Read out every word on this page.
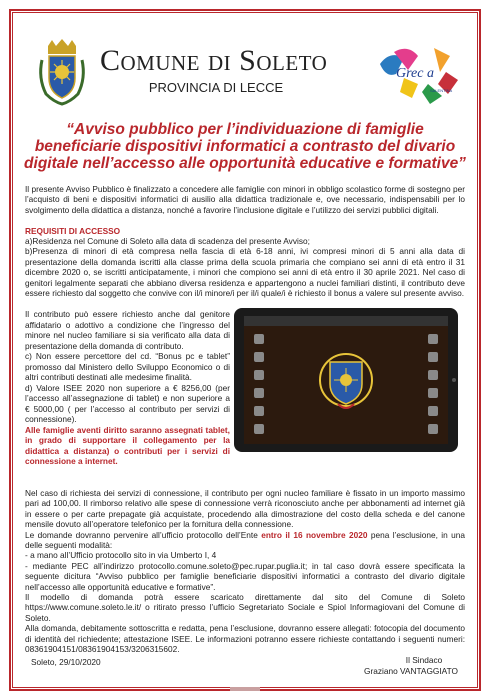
Comune di Soleto
PROVINCIA DI LECCE
Grec a
SALENTINA
“Avviso pubblico per l’individuazione di famiglie beneficiarie dispositivi informatici a contrasto del divario digitale nell’accesso alle opportunità educative e formative”
Il presente Avviso Pubblico è finalizzato a concedere alle famiglie con minori in obbligo scolastico forme di sostegno per l’acquisto di beni e dispositivi informatici di ausilio alla didattica tradizionale e, ove necessario, indispensabili per lo svolgimento della didattica a distanza, nonché a favorire l’inclusione digitale e l’utilizzo dei servizi pubblici digitali.
REQUISITI DI ACCESSO
a)Residenza nel Comune di Soleto alla data di scadenza del presente Avviso;
b)Presenza di minori di età compresa nella fascia di età 6-18 anni, ivi compresi minori di 5 anni alla data di presentazione della domanda iscritti alla classe prima della scuola primaria che compiano sei anni di età entro il 31 dicembre 2020 o, se iscritti anticipatamente, i minori che compiono sei anni di età entro il 30 aprile 2021. Nel caso di genitori legalmente separati che abbiano diversa residenza e appartengono a nuclei familiari distinti, il contributo deve essere richiesto dal soggetto che convive con il/i minore/i per il/i quale/i è richiesto il bonus a valere sul presente avviso.

Il contributo può essere richiesto anche dal genitore affidatario o adottivo a condizione che l’ingresso del minore nel nucleo familiare si sia verificato alla data di presentazione della domanda di contributo.

c) Non essere percettore del cd. “Bonus pc e tablet” promosso dal Ministero dello Sviluppo Economico o di altri contributi destinati alle medesime finalità.

d) Valore ISEE 2020 non superiore a € 8256,00 (per l’accesso all’assegnazione di tablet) e non superiore a € 5000,00 ( per l’accesso al contributo per servizi di connessione).

Alle famiglie aventi diritto saranno assegnati tablet, in grado di supportare il collegamento per la didattica a distanza) o contributi per i servizi di connessione a internet.

Nel caso di richiesta dei servizi di connessione, il contributo per ogni nucleo familiare è fissato in un importo massimo pari ad 100,00. Il rimborso relativo alle spese di connessione verrà riconosciuto anche per abbonamenti ad internet già in essere o per carte prepagate già acquistate, procedendo alla dimostrazione del costo della scheda e del canone mensile dovuto all’operatore telefonico per la fornitura della connessione.

Le domande dovranno pervenire all’ufficio protocollo dell’Ente entro il 16 novembre 2020 pena l’esclusione, in una delle seguenti modalità:

- a mano all’Ufficio protocollo sito in via Umberto I, 4

- mediante PEC all’indirizzo protocollo.comune.soleto@pec.rupar.puglia.it; in tal caso dovrà essere specificata la seguente dicitura “Avviso pubblico per famiglie beneficiarie dispositivi informatici a contrasto del divario digitale nell’accesso alle opportunità educative e formative”.

Il modello di domanda potrà essere scaricato direttamente dal sito del Comune di Soleto https://www.comune.soleto.le.it/ o ritirato presso l’ufficio Segretariato Sociale e Spiol Informagiovani del Comune di Soleto.

Alla domanda, debitamente sottoscritta e redatta, pena l’esclusione, dovranno essere allegati: fotocopia del documento di identità del richiedente; attestazione ISEE. Le informazioni potranno essere richieste contattando i seguenti numeri: 08361904151/08361904153/3206315602.

Soleto, 29/10/2020	Il Sindaco
Graziano VANTAGGIATO
